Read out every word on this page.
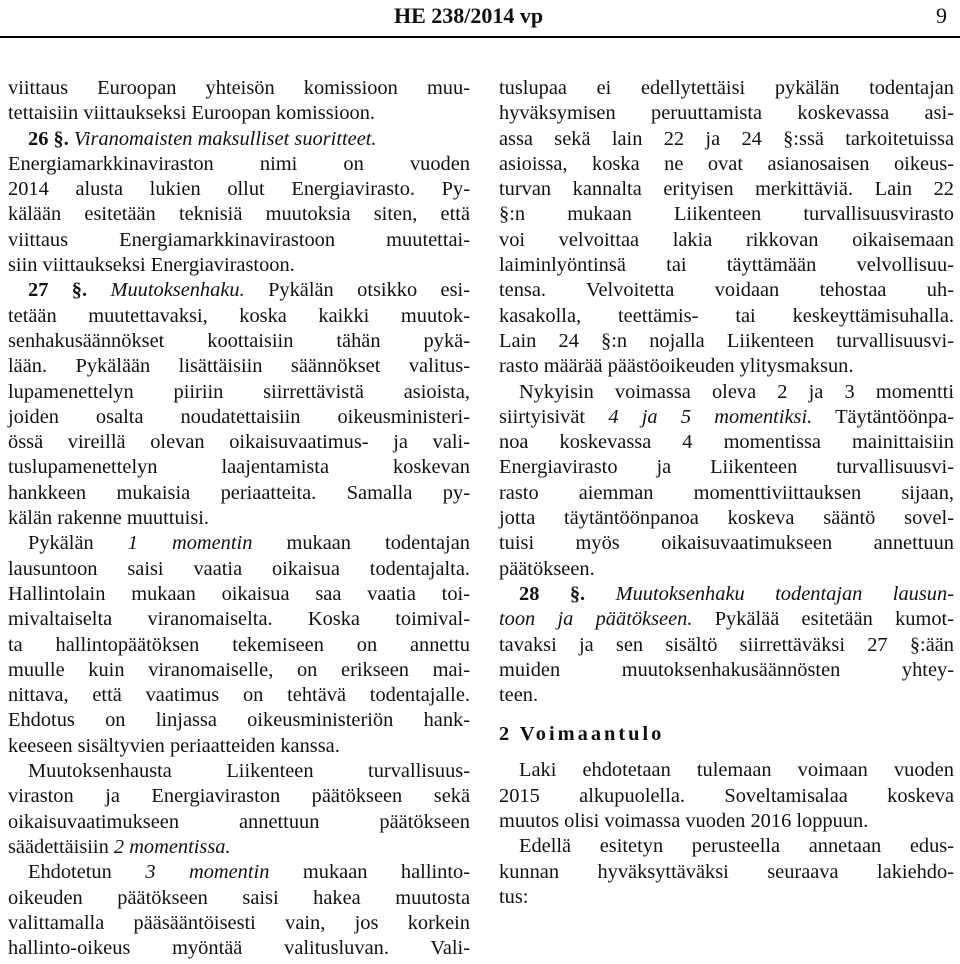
HE 238/2014 vp	9
viittaus Euroopan yhteisön komissioon muu-
tettaisiin viittaukseksi Euroopan komissioon.
26 §. Viranomaisten maksulliset suoritteet.
Energiamarkkinaviraston nimi on vuoden
2014 alusta lukien ollut Energiavirasto. Py-
kälään esitetään teknisiä muutoksia siten, että
viittaus Energiamarkkinavirastoon muutettai-
siin viittaukseksi Energiavirastoon.
27 §. Muutoksenhaku. Pykälän otsikko esi-
tetään muutettavaksi, koska kaikki muutok-
senhakusäännökset koottaisiin tähän pykä-
lään. Pykälään lisättäisiin säännökset valitus-
lupamenettelyn piiriin siirrettävistä asioista,
joiden osalta noudatettaisiin oikeusministeri-
össä vireillä olevan oikaisuvaatimus- ja vali-
tuslupamenettelyn laajentamista koskevan
hankkeen mukaisia periaatteita. Samalla py-
kälän rakenne muuttuisi.
Pykälän 1 momentin mukaan todentajan
lausuntoon saisi vaatia oikaisua todentajalta.
Hallintolain mukaan oikaisua saa vaatia toi-
mivaltaiselta viranomaiselta. Koska toimival-
ta hallintopäätöksen tekemiseen on annettu
muulle kuin viranomaiselle, on erikseen mai-
nittava, että vaatimus on tehtävä todentajalle.
Ehdotus on linjassa oikeusministeriön hank-
keeseen sisältyvien periaatteiden kanssa.
Muutoksenhausta Liikenteen turvallisuus-
viraston ja Energiaviraston päätökseen sekä
oikaisuvaatimukseen annettuun päätökseen
säädettäisiin 2 momentissa.
Ehdotetun 3 momentin mukaan hallinto-
oikeuden päätökseen saisi hakea muutosta
valittamalla pääsääntöisesti vain, jos korkein
hallinto-oikeus myöntää valitusluvan. Vali-
tuslupaa ei edellytettäisi pykälän todentajan
hyväksymisen peruuttamista koskevassa asi-
assa sekä lain 22 ja 24 §:ssä tarkoitetuissa
asioissa, koska ne ovat asianosaisen oikeus-
turvan kannalta erityisen merkittäviä. Lain 22
§:n mukaan Liikenteen turvallisuusvirasto
voi velvoittaa lakia rikkovan oikaisemaan
laiminlyöntinsä tai täyttämään velvollisuu-
tensa. Velvoitetta voidaan tehostaa uh-
kasakolla, teettämis- tai keskeyttämisuhalla.
Lain 24 §:n nojalla Liikenteen turvallisuusvi-
rasto määrää päästöoikeuden ylitysmaksun.
Nykyisin voimassa oleva 2 ja 3 momentti
siirtyisivät 4 ja 5 momentiksi. Täytäntöönpa-
noa koskevassa 4 momentissa mainittaisiin
Energiavirasto ja Liikenteen turvallisuusvi-
rasto aiemman momenttiviittauksen sijaan,
jotta täytäntöönpanoa koskeva sääntö sovel-
tuisi myös oikaisuvaatimukseen annettuun
päätökseen.
28 §. Muutoksenhaku todentajan lausun-
toon ja päätökseen. Pykälää esitetään kumot-
tavaksi ja sen sisältö siirrettäväksi 27 §:ään
muiden muutoksenhakusäännösten yhtey-
teen.
2 Voimaantulo
Laki ehdotetaan tulemaan voimaan vuoden
2015 alkupuolella. Soveltamisalaa koskeva
muutos olisi voimassa vuoden 2016 loppuun.
Edellä esitetyn perusteella annetaan edus-
kunnan hyväksyttäväksi seuraava lakiehdo-
tus:
